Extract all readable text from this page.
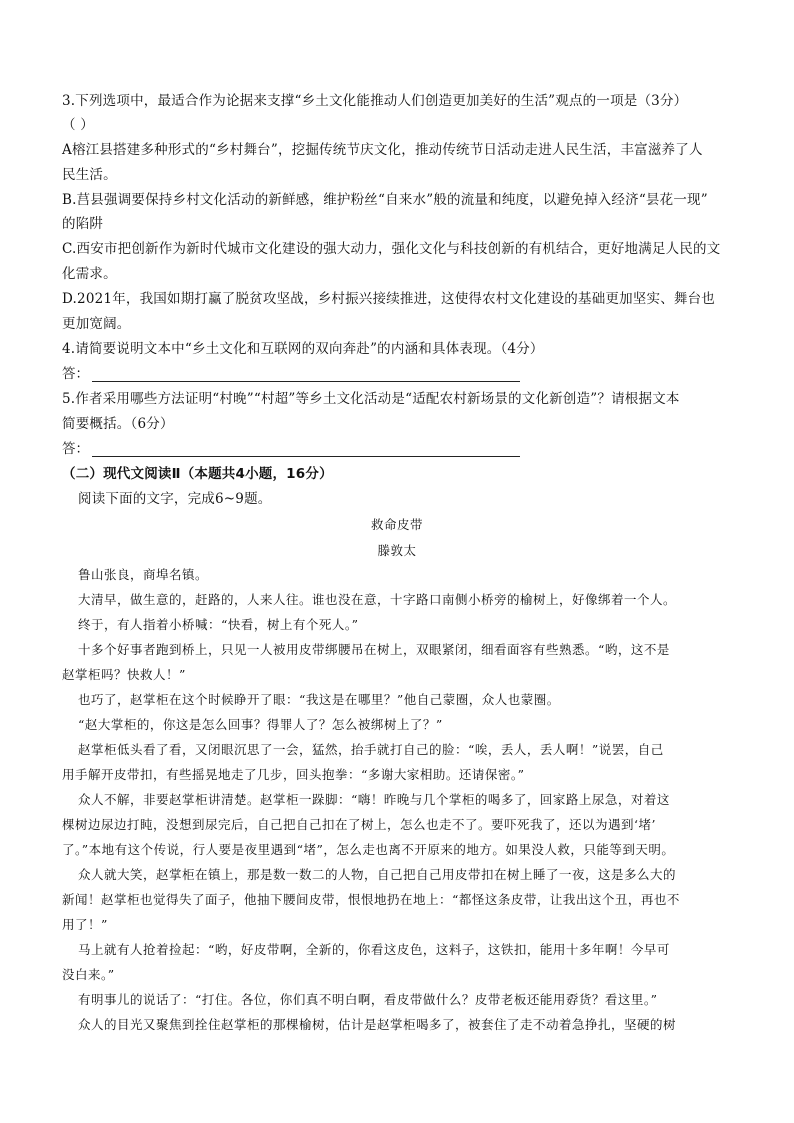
3.下列选项中，最适合作为论据来支撑“乡土文化能推动人们创造更加美好的生活”观点的一项是（3分）
（ ）
A榕江县搭建多种形式的“乡村舞台”，挖掘传统节庆文化，推动传统节日活动走进人民生活，丰富滋养了人
民生活。
B.莒县强调要保持乡村文化活动的新鲜感，维护粉丝“自来水”般的流量和纯度，以避免掉入经济“昙花一现”
的陷阱
C.西安市把创新作为新时代城市文化建设的强大动力，强化文化与科技创新的有机结合，更好地满足人民的文
化需求。
D.2021年，我国如期打赢了脱贫攻坚战，乡村振兴接续推进，这使得农村文化建设的基础更加坚实、舞台也
更加宽阔。
4.请简要说明文本中“乡土文化和互联网的双向奔赴”的内涵和具体表现。（4分）
答：
5.作者采用哪些方法证明“村晚”“村超”等乡土文化活动是“适配农村新场景的文化新创造”？请根据文本
简要概括。（6分）
答：
（二）现代文阅读Ⅱ（本题共4小题，16分）
阅读下面的文字，完成6~9题。
救命皮带
滕敦太
鲁山张良，商埠名镇。
大清早，做生意的，赶路的，人来人往。谁也没在意，十字路口南侧小桥旁的榆树上，好像绑着一个人。
终于，有人指着小桥喊：“快看，树上有个死人。”
十多个好事者跑到桥上，只见一人被用皮带绑腰吊在树上，双眼紧闭，细看面容有些熟悉。“哟，这不是
赵掌柜吗？快救人！”
也巧了，赵掌柜在这个时候睁开了眼：“我这是在哪里？”他自己蒙圈，众人也蒙圈。
“赵大掌柜的，你这是怎么回事？得罪人了？怎么被绑树上了？”
赵掌柜低头看了看，又闭眼沉思了一会，猛然，抬手就打自己的脸：“唉，丢人，丢人啊！”说罢，自己
用手解开皮带扣，有些摇晃地走了几步，回头抱拳：“多谢大家相助。还请保密。”
众人不解，非要赵掌柜讲清楚。赵掌柜一跺脚：“嗨！昨晚与几个掌柜的喝多了，回家路上尿急，对着这
棵树边尿边打盹，没想到尿完后，自己把自己扣在了树上，怎么也走不了。要吓死我了，还以为遇到‘堵’
了。”本地有这个传说，行人要是夜里遇到“堵”，怎么走也离不开原来的地方。如果没人救，只能等到天明。
众人就大笑，赵掌柜在镇上，那是数一数二的人物，自己把自己用皮带扣在树上睡了一夜，这是多么大的
新闻！赵掌柜也觉得失了面子，他抽下腰间皮带，恨恨地扔在地上：“都怪这条皮带，让我出这个丑，再也不
用了！”
马上就有人抢着捡起：“哟，好皮带啊，全新的，你看这皮色，这料子，这铁扣，能用十多年啊！今早可
没白来。”
有明事儿的说话了：“打住。各位，你们真不明白啊，看皮带做什么？皮带老板还能用孬货？看这里。”
众人的目光又聚焦到拴住赵掌柜的那棵榆树，估计是赵掌柜喝多了，被套住了走不动着急挣扎，坚硬的树
